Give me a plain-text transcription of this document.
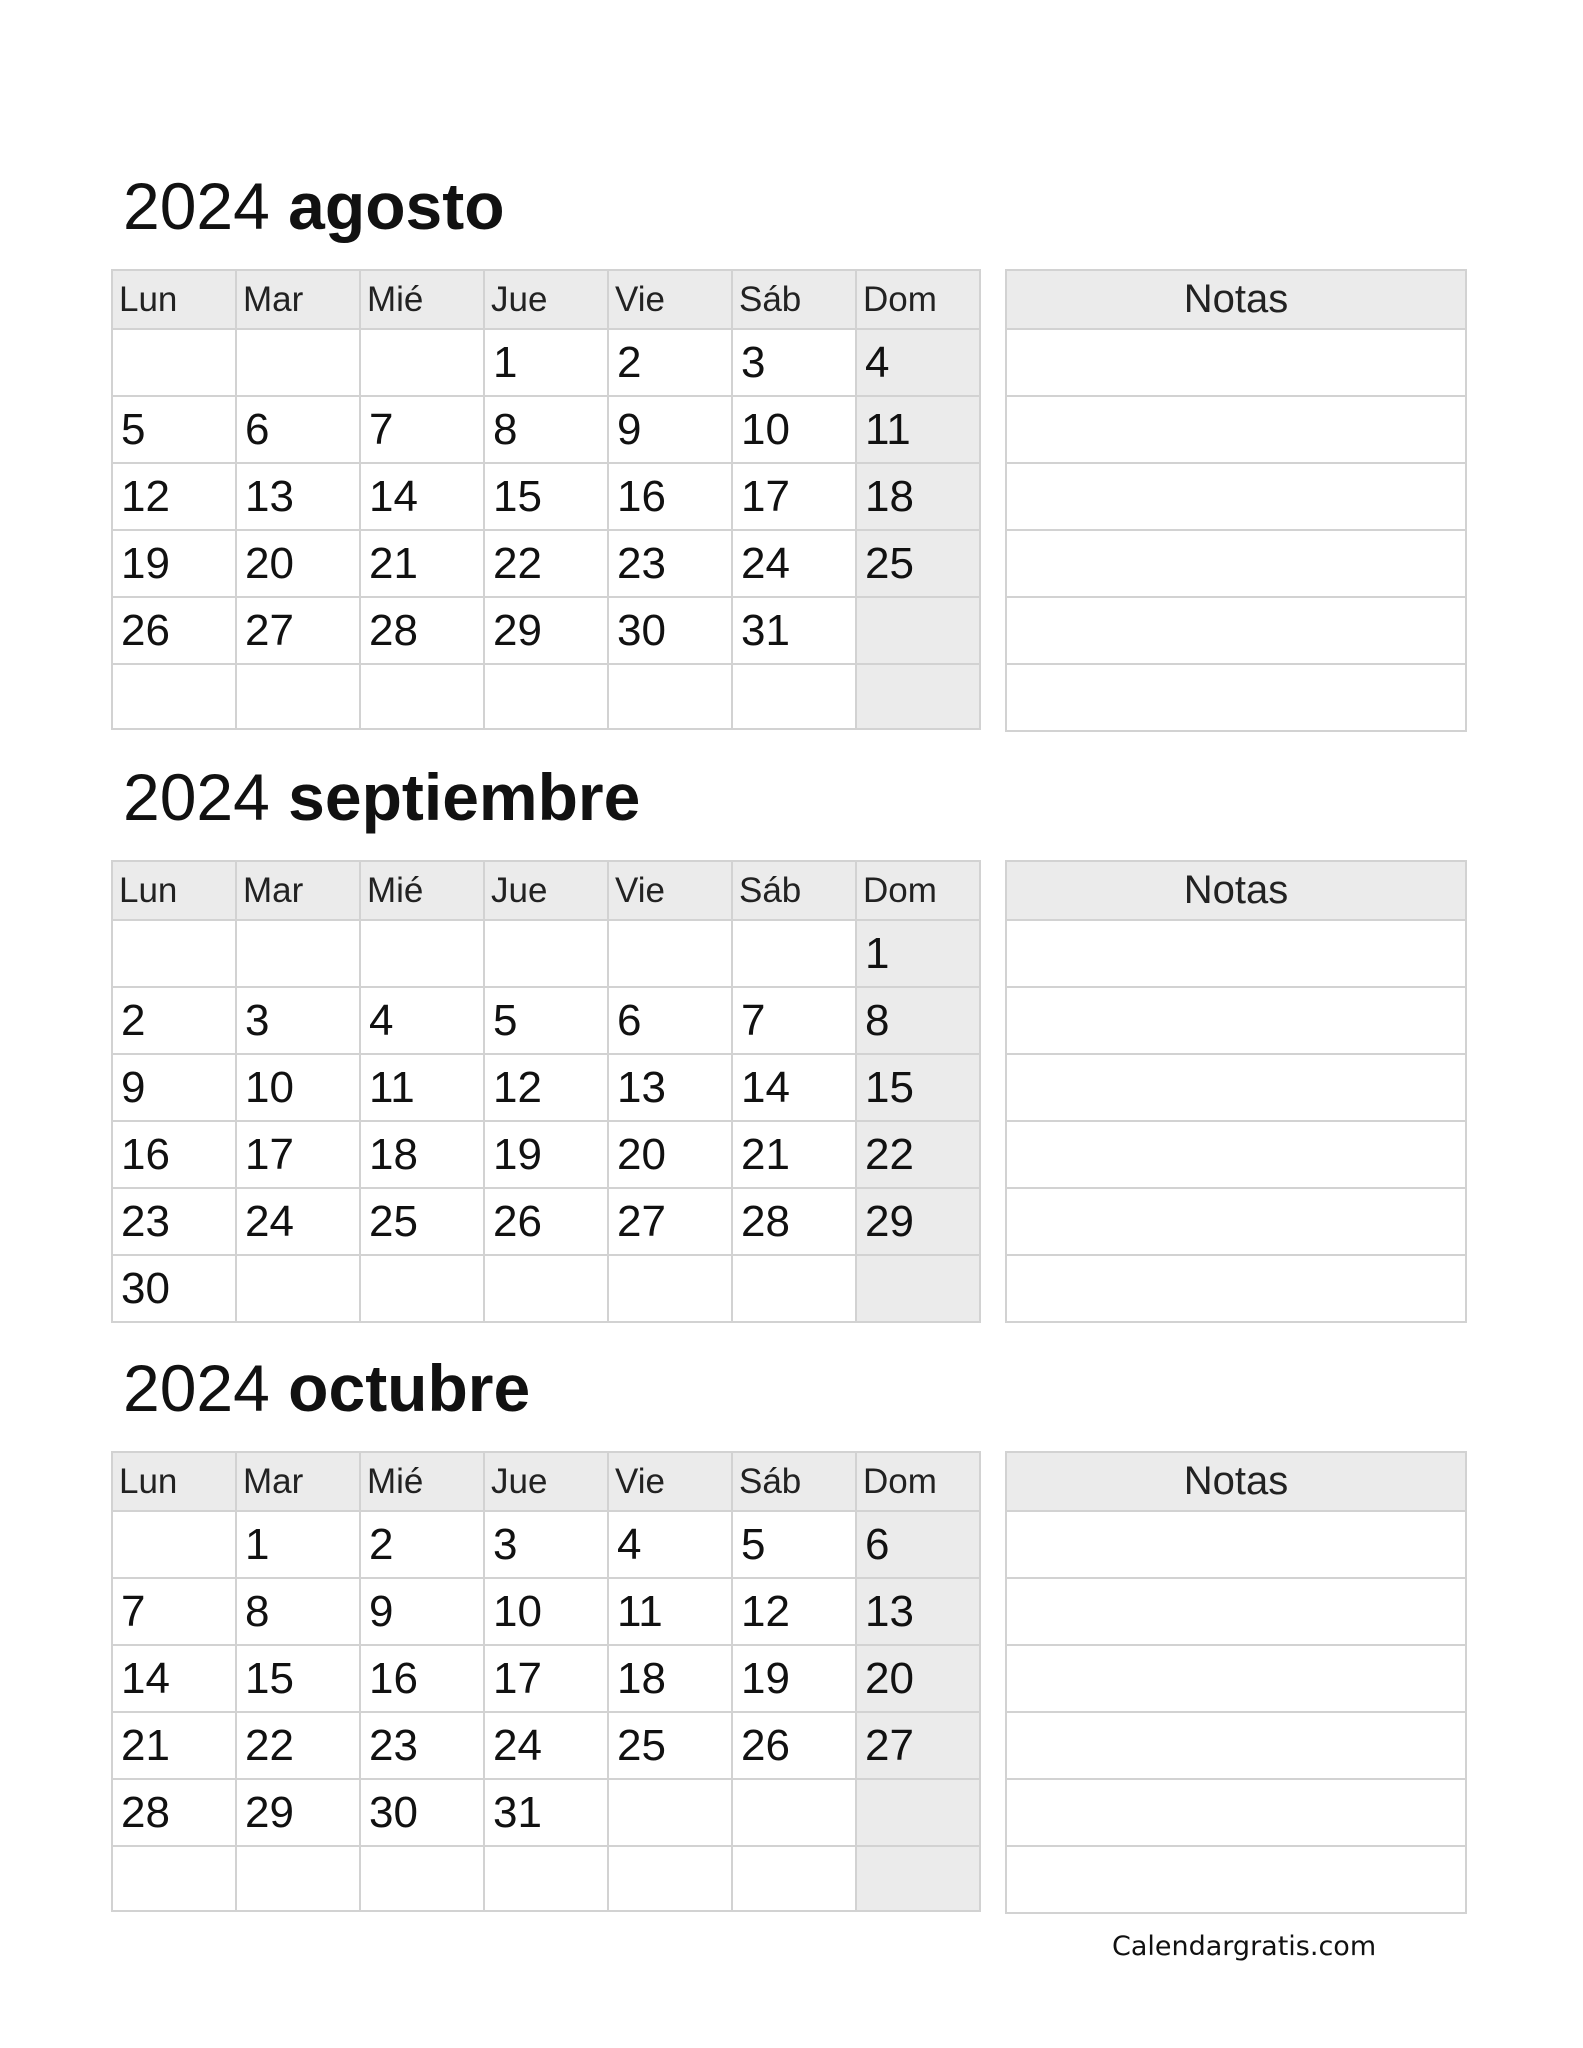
2024 agosto
Lun	Mar	Mié	Jue	Vie	Sáb	Dom

			1	2	3	4

5	6	7	8	9	10	11

12	13	14	15	16	17	18

19	20	21	22	23	24	25

26	27	28	29	30	31	

Notas

2024 septiembre
Lun	Mar	Mié	Jue	Vie	Sáb	Dom

						1

2	3	4	5	6	7	8

9	10	11	12	13	14	15

16	17	18	19	20	21	22

23	24	25	26	27	28	29

30						

Notas

2024 octubre
Lun	Mar	Mié	Jue	Vie	Sáb	Dom

	1	2	3	4	5	6

7	8	9	10	11	12	13

14	15	16	17	18	19	20

21	22	23	24	25	26	27

28	29	30	31			

Notas

Calendargratis.com
